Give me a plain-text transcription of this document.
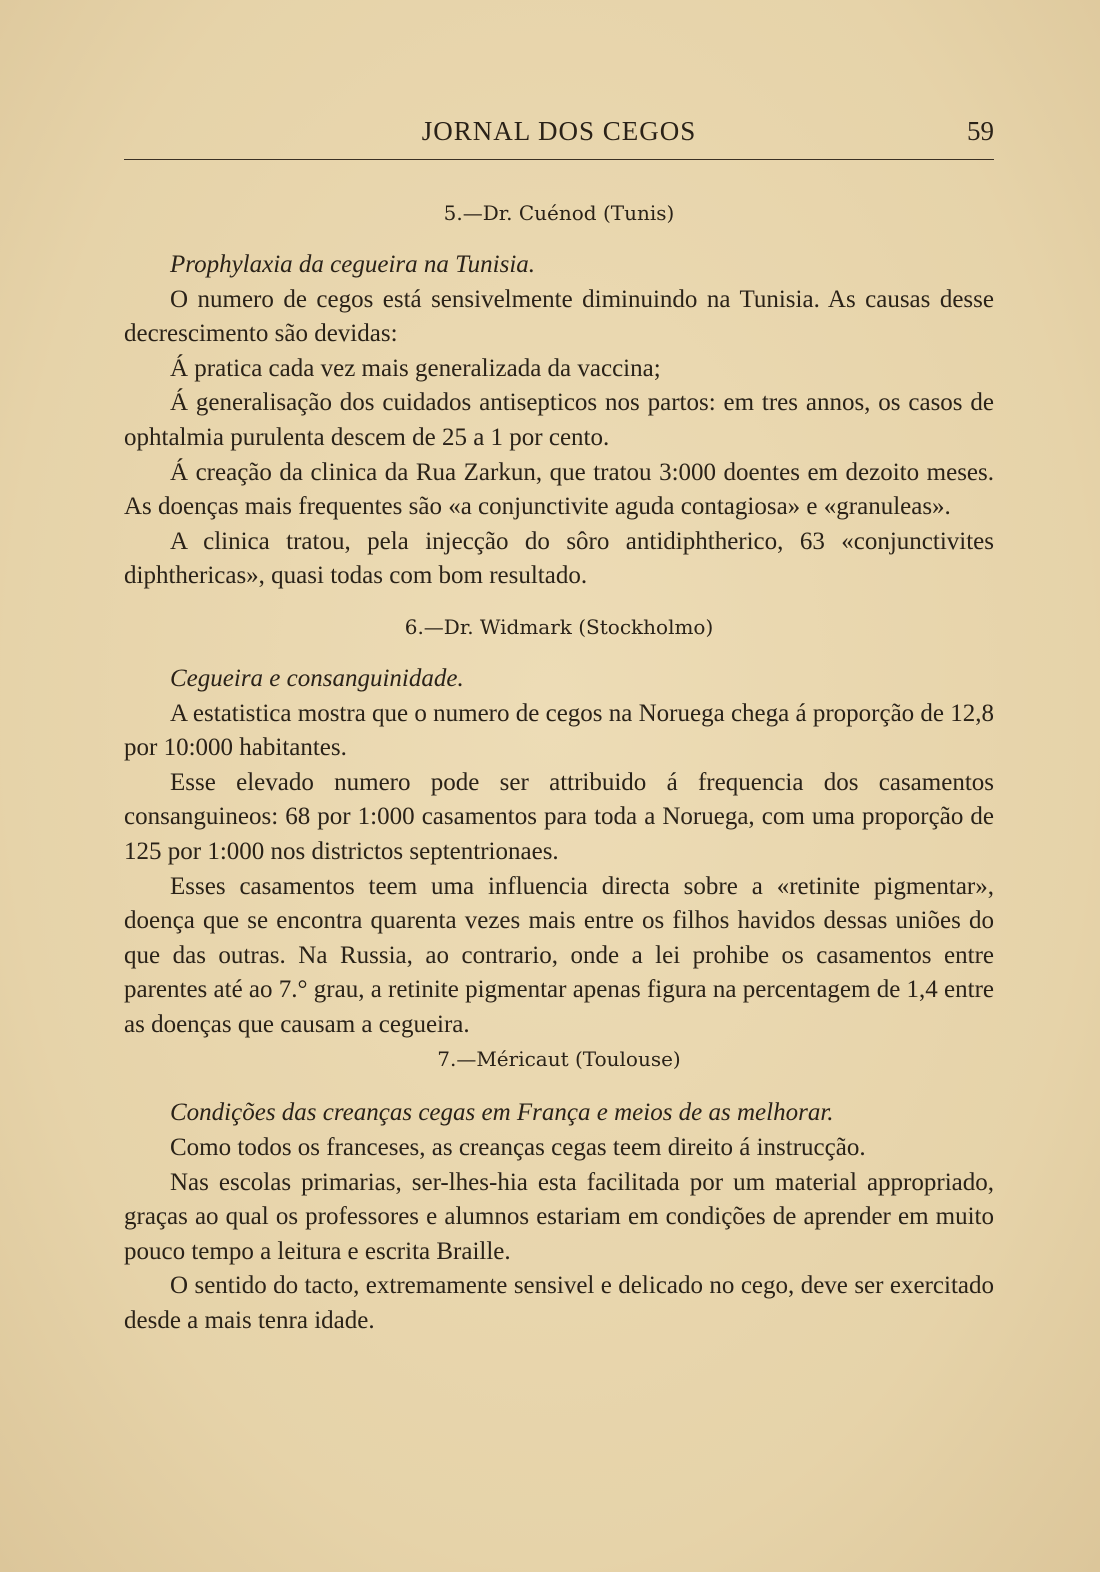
JORNAL DOS CEGOS	59

5.—Dr. Cuénod (Tunis)

Prophylaxia da cegueira na Tunisia.

O numero de cegos está sensivelmente diminuindo na Tunisia. As causas desse decrescimento são devidas:

Á pratica cada vez mais generalizada da vaccina;

Á generalisação dos cuidados antisepticos nos partos: em tres annos, os casos de ophtalmia purulenta descem de 25 a 1 por cento.

Á creação da clinica da Rua Zarkun, que tratou 3:000 doentes em dezoito meses. As doenças mais frequentes são «a conjunctivite aguda contagiosa» e «granuleas».

A clinica tratou, pela injecção do sôro antidiphtherico, 63 «conjunctivites diphthericas», quasi todas com bom resultado.

6.—Dr. Widmark (Stockholmo)

Cegueira e consanguinidade.

A estatistica mostra que o numero de cegos na Noruega chega á proporção de 12,8 por 10:000 habitantes.

Esse elevado numero pode ser attribuido á frequencia dos casamentos consanguineos: 68 por 1:000 casamentos para toda a Noruega, com uma proporção de 125 por 1:000 nos districtos septentrionaes.

Esses casamentos teem uma influencia directa sobre a «retinite pigmentar», doença que se encontra quarenta vezes mais entre os filhos havidos dessas uniões do que das outras. Na Russia, ao contrario, onde a lei prohibe os casamentos entre parentes até ao 7.° grau, a retinite pigmentar apenas figura na percentagem de 1,4 entre as doenças que causam a cegueira.

7.—Méricaut (Toulouse)

Condições das creanças cegas em França e meios de as melhorar.

Como todos os franceses, as creanças cegas teem direito á instrucção.

Nas escolas primarias, ser-lhes-hia esta facilitada por um material appropriado, graças ao qual os professores e alumnos estariam em condições de aprender em muito pouco tempo a leitura e escrita Braille.

O sentido do tacto, extremamente sensivel e delicado no cego, deve ser exercitado desde a mais tenra idade.
